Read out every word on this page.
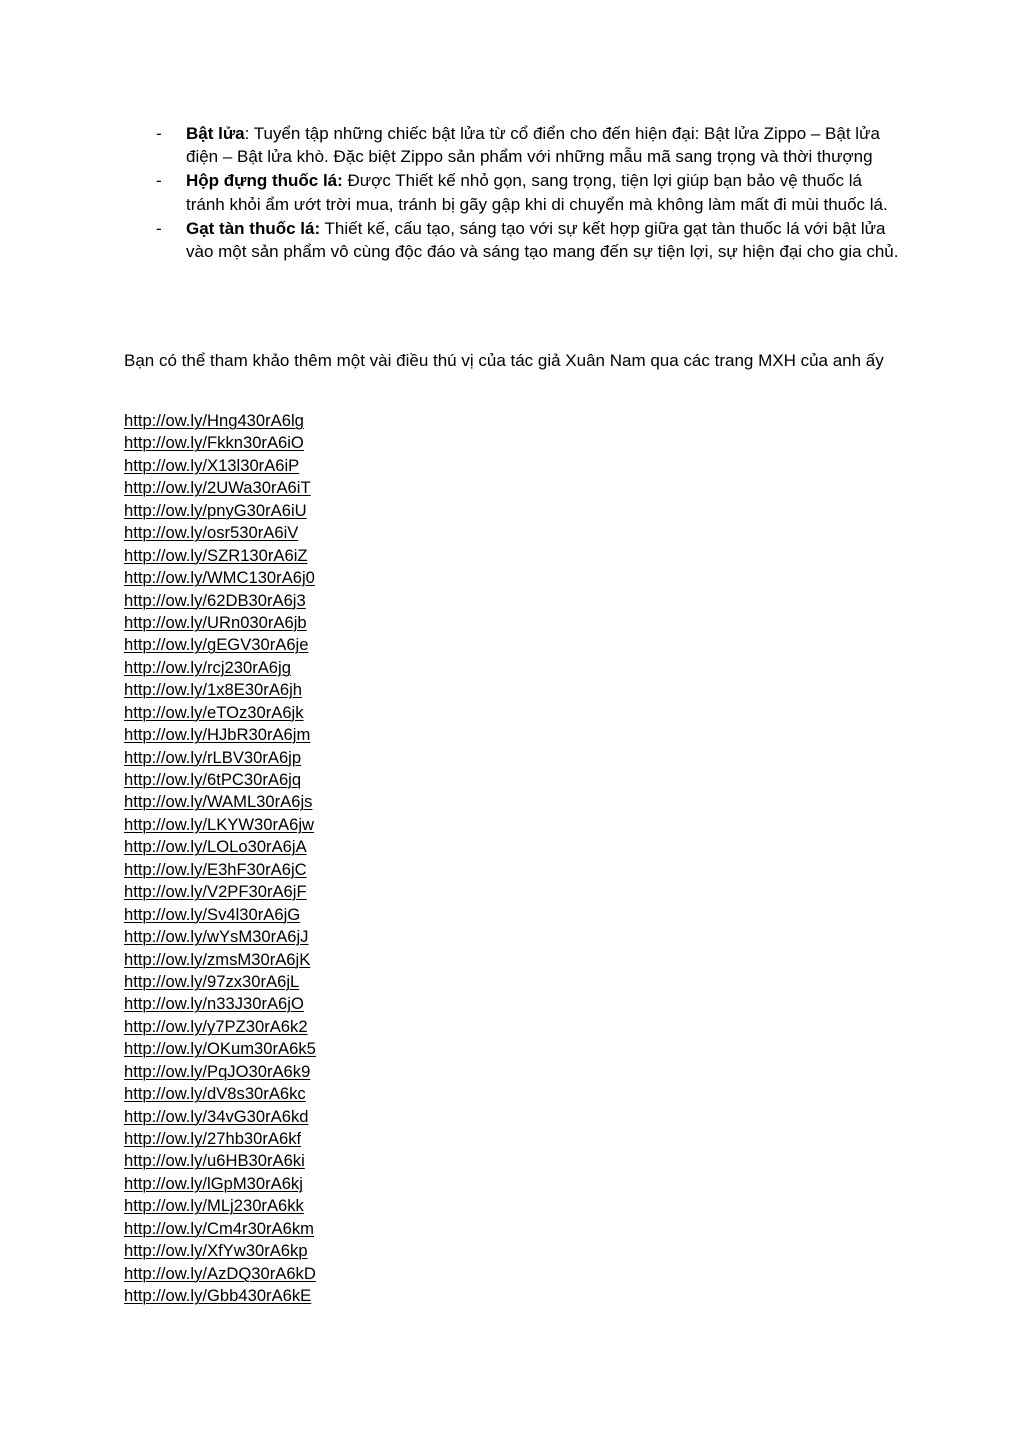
- Bật lửa: Tuyển tập những chiếc bật lửa từ cổ điển cho đến hiện đại: Bật lửa Zippo – Bật lửa điện – Bật lửa khò. Đặc biệt Zippo sản phẩm với những mẫu mã sang trọng và thời thượng
- Hộp đựng thuốc lá: Được Thiết kế nhỏ gọn, sang trọng, tiện lợi giúp bạn bảo vệ thuốc lá tránh khỏi ẩm ướt trời mua, tránh bị gãy gập khi di chuyển mà không làm mất đi mùi thuốc lá.
- Gạt tàn thuốc lá: Thiết kế, cấu tạo, sáng tạo với sự kết hợp giữa gạt tàn thuốc lá với bật lửa vào một sản phẩm vô cùng độc đáo và sáng tạo mang đến sự tiện lợi, sự hiện đại cho gia chủ.

Bạn có thể tham khảo thêm một vài điều thú vị của tác giả Xuân Nam qua các trang MXH của anh ấy

http://ow.ly/Hng430rA6lg
http://ow.ly/Fkkn30rA6iO
http://ow.ly/X13l30rA6iP
http://ow.ly/2UWa30rA6iT
http://ow.ly/pnyG30rA6iU
http://ow.ly/osr530rA6iV
http://ow.ly/SZR130rA6iZ
http://ow.ly/WMC130rA6j0
http://ow.ly/62DB30rA6j3
http://ow.ly/URn030rA6jb
http://ow.ly/gEGV30rA6je
http://ow.ly/rcj230rA6jg
http://ow.ly/1x8E30rA6jh
http://ow.ly/eTOz30rA6jk
http://ow.ly/HJbR30rA6jm
http://ow.ly/rLBV30rA6jp
http://ow.ly/6tPC30rA6jq
http://ow.ly/WAML30rA6js
http://ow.ly/LKYW30rA6jw
http://ow.ly/LOLo30rA6jA
http://ow.ly/E3hF30rA6jC
http://ow.ly/V2PF30rA6jF
http://ow.ly/Sv4l30rA6jG
http://ow.ly/wYsM30rA6jJ
http://ow.ly/zmsM30rA6jK
http://ow.ly/97zx30rA6jL
http://ow.ly/n33J30rA6jO
http://ow.ly/y7PZ30rA6k2
http://ow.ly/OKum30rA6k5
http://ow.ly/PqJO30rA6k9
http://ow.ly/dV8s30rA6kc
http://ow.ly/34vG30rA6kd
http://ow.ly/27hb30rA6kf
http://ow.ly/u6HB30rA6ki
http://ow.ly/lGpM30rA6kj
http://ow.ly/MLj230rA6kk
http://ow.ly/Cm4r30rA6km
http://ow.ly/XfYw30rA6kp
http://ow.ly/AzDQ30rA6kD
http://ow.ly/Gbb430rA6kE
